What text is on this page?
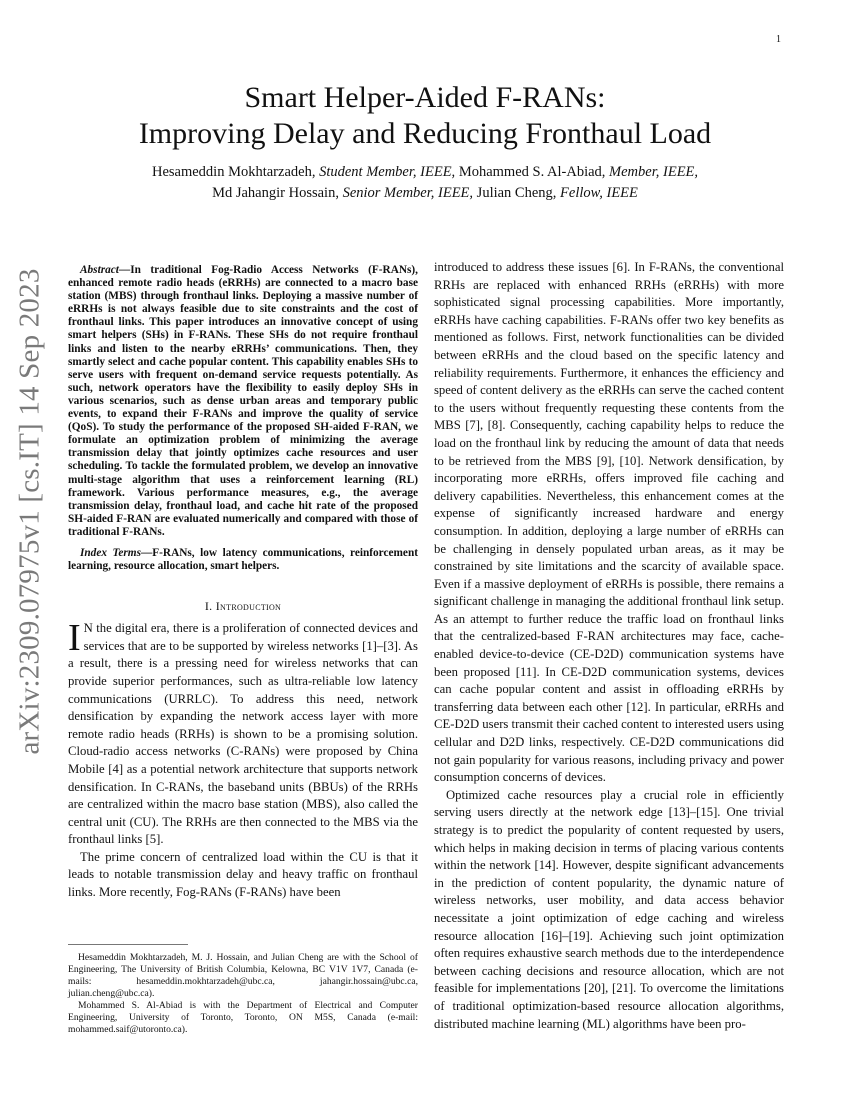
1
arXiv:2309.07975v1 [cs.IT] 14 Sep 2023
Smart Helper-Aided F-RANs:
Improving Delay and Reducing Fronthaul Load
Hesameddin Mokhtarzadeh, Student Member, IEEE, Mohammed S. Al-Abiad, Member, IEEE,
Md Jahangir Hossain, Senior Member, IEEE, Julian Cheng, Fellow, IEEE

Abstract—In traditional Fog-Radio Access Networks (F-RANs), enhanced remote radio heads (eRRHs) are connected to a macro base station (MBS) through fronthaul links. Deploying a massive number of eRRHs is not always feasible due to site constraints and the cost of fronthaul links. This paper introduces an innovative concept of using smart helpers (SHs) in F-RANs. These SHs do not require fronthaul links and listen to the nearby eRRHs’ communications. Then, they smartly select and cache popular content. This capability enables SHs to serve users with frequent on-demand service requests potentially. As such, network operators have the flexibility to easily deploy SHs in various scenarios, such as dense urban areas and temporary public events, to expand their F-RANs and improve the quality of service (QoS). To study the performance of the proposed SH-aided F-RAN, we formulate an optimization problem of minimizing the average transmission delay that jointly optimizes cache resources and user scheduling. To tackle the formulated problem, we develop an innovative multi-stage algorithm that uses a reinforcement learning (RL) framework. Various performance measures, e.g., the average transmission delay, fronthaul load, and cache hit rate of the proposed SH-aided F-RAN are evaluated numerically and compared with those of traditional F-RANs.

Index Terms—F-RANs, low latency communications, reinforcement learning, resource allocation, smart helpers.

I. Introduction

I N the digital era, there is a proliferation of connected devices and services that are to be supported by wireless networks [1]–[3]. As a result, there is a pressing need for wireless networks that can provide superior performances, such as ultra-reliable low latency communications (URRLC). To address this need, network densification by expanding the network access layer with more remote radio heads (RRHs) is shown to be a promising solution. Cloud-radio access networks (C-RANs) were proposed by China Mobile [4] as a potential network architecture that supports network densification. In C-RANs, the baseband units (BBUs) of the RRHs are centralized within the macro base station (MBS), also called the central unit (CU). The RRHs are then connected to the MBS via the fronthaul links [5].

The prime concern of centralized load within the CU is that it leads to notable transmission delay and heavy traffic on fronthaul links. More recently, Fog-RANs (F-RANs) have been

Hesameddin Mokhtarzadeh, M. J. Hossain, and Julian Cheng are with the School of Engineering, The University of British Columbia, Kelowna, BC V1V 1V7, Canada (e-mails: hesameddin.mokhtarzadeh@ubc.ca, jahangir.hossain@ubc.ca, julian.cheng@ubc.ca).

Mohammed S. Al-Abiad is with the Department of Electrical and Computer Engineering, University of Toronto, Toronto, ON M5S, Canada (e-mail: mohammed.saif@utoronto.ca).

introduced to address these issues [6]. In F-RANs, the conventional RRHs are replaced with enhanced RRHs (eRRHs) with more sophisticated signal processing capabilities. More importantly, eRRHs have caching capabilities. F-RANs offer two key benefits as mentioned as follows. First, network functionalities can be divided between eRRHs and the cloud based on the specific latency and reliability requirements. Furthermore, it enhances the efficiency and speed of content delivery as the eRRHs can serve the cached content to the users without frequently requesting these contents from the MBS [7], [8]. Consequently, caching capability helps to reduce the load on the fronthaul link by reducing the amount of data that needs to be retrieved from the MBS [9], [10]. Network densification, by incorporating more eRRHs, offers improved file caching and delivery capabilities. Nevertheless, this enhancement comes at the expense of significantly increased hardware and energy consumption. In addition, deploying a large number of eRRHs can be challenging in densely populated urban areas, as it may be constrained by site limitations and the scarcity of available space. Even if a massive deployment of eRRHs is possible, there remains a significant challenge in managing the additional fronthaul link setup. As an attempt to further reduce the traffic load on fronthaul links that the centralized-based F-RAN architectures may face, cache-enabled device-to-device (CE-D2D) communication systems have been proposed [11]. In CE-D2D communication systems, devices can cache popular content and assist in offloading eRRHs by transferring data between each other [12]. In particular, eRRHs and CE-D2D users transmit their cached content to interested users using cellular and D2D links, respectively. CE-D2D communications did not gain popularity for various reasons, including privacy and power consumption concerns of devices.

Optimized cache resources play a crucial role in efficiently serving users directly at the network edge [13]–[15]. One trivial strategy is to predict the popularity of content requested by users, which helps in making decision in terms of placing various contents within the network [14]. However, despite significant advancements in the prediction of content popularity, the dynamic nature of wireless networks, user mobility, and data access behavior necessitate a joint optimization of edge caching and wireless resource allocation [16]–[19]. Achieving such joint optimization often requires exhaustive search methods due to the interdependence between caching decisions and resource allocation, which are not feasible for implementations [20], [21]. To overcome the limitations of traditional optimization-based resource allocation algorithms, distributed machine learning (ML) algorithms have been pro-
